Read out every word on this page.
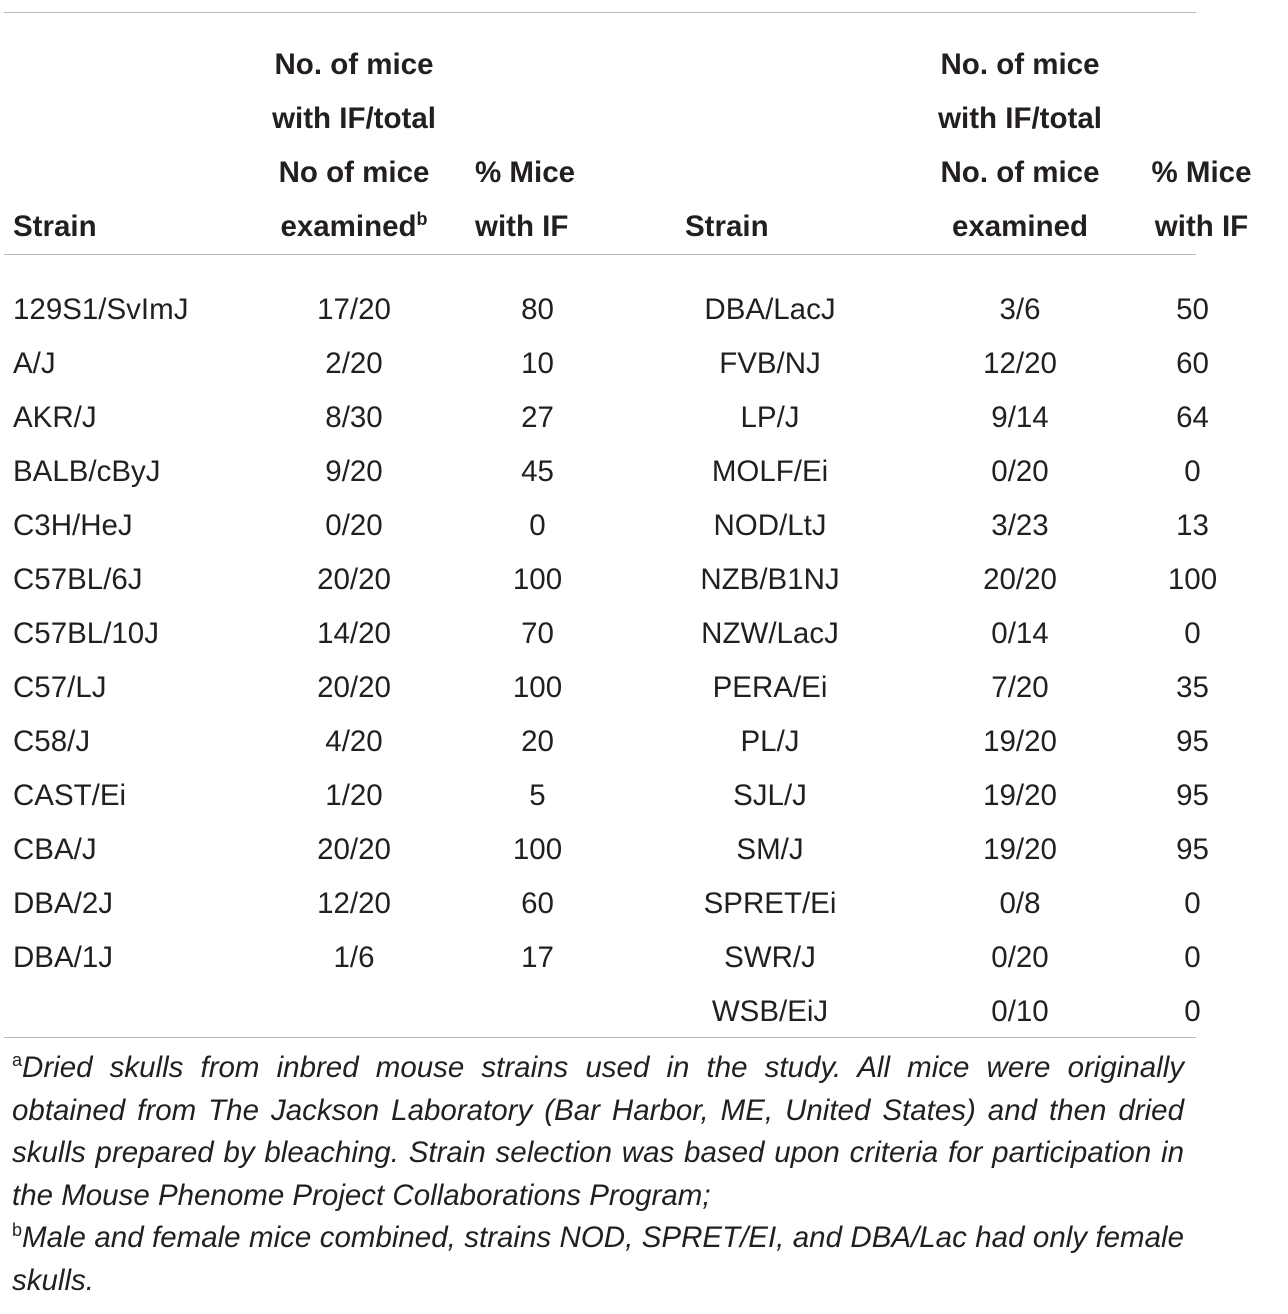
Strain	No. of mice
with IF/total
No of mice
examined$^b$	% Mice
with IF	Strain	No. of mice
with IF/total
No. of mice
examined	% Mice
with IF

129S1/SvImJ	17/20	80	DBA/LacJ	3/6	50
A/J	2/20	10	FVB/NJ	12/20	60
AKR/J	8/30	27	LP/J	9/14	64
BALB/cByJ	9/20	45	MOLF/Ei	0/20	0
C3H/HeJ	0/20	0	NOD/LtJ	3/23	13
C57BL/6J	20/20	100	NZB/B1NJ	20/20	100
C57BL/10J	14/20	70	NZW/LacJ	0/14	0
C57/LJ	20/20	100	PERA/Ei	7/20	35
C58/J	4/20	20	PL/J	19/20	95
CAST/Ei	1/20	5	SJL/J	19/20	95
CBA/J	20/20	100	SM/J	19/20	95
DBA/2J	12/20	60	SPRET/Ei	0/8	0
DBA/1J	1/6	17	SWR/J	0/20	0
			WSB/EiJ	0/10	0

$^a$Dried skulls from inbred mouse strains used in the study. All mice were originally obtained from The Jackson Laboratory (Bar Harbor, ME, United States) and then dried skulls prepared by bleaching. Strain selection was based upon criteria for participation in the Mouse Phenome Project Collaborations Program;

$^b$Male and female mice combined, strains NOD, SPRET/EI, and DBA/Lac had only female skulls.
